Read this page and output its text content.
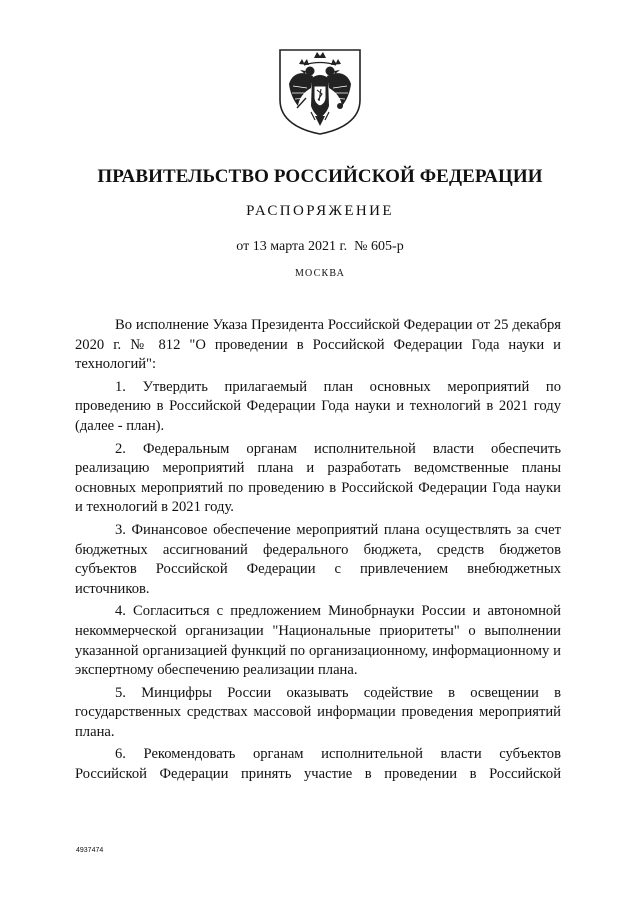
ПРАВИТЕЛЬСТВО РОССИЙСКОЙ ФЕДЕРАЦИИ
РАСПОРЯЖЕНИЕ
от 13 марта 2021 г.  № 605-р
МОСКВА

Во исполнение Указа Президента Российской Федерации от 25 декабря 2020 г. № 812 "О проведении в Российской Федерации Года науки и технологий":

1. Утвердить прилагаемый план основных мероприятий по проведению в Российской Федерации Года науки и технологий в 2021 году (далее - план).

2. Федеральным органам исполнительной власти обеспечить реализацию мероприятий плана и разработать ведомственные планы основных мероприятий по проведению в Российской Федерации Года науки и технологий в 2021 году.

3. Финансовое обеспечение мероприятий плана осуществлять за счет бюджетных ассигнований федерального бюджета, средств бюджетов субъектов Российской Федерации с привлечением внебюджетных источников.

4. Согласиться с предложением Минобрнауки России и автономной некоммерческой организации "Национальные приоритеты" о выполнении указанной организацией функций по организационному, информационному и экспертному обеспечению реализации плана.

5. Минцифры России оказывать содействие в освещении в государственных средствах массовой информации проведения мероприятий плана.

6. Рекомендовать органам исполнительной власти субъектов Российской Федерации принять участие в проведении в Российской

4937474
